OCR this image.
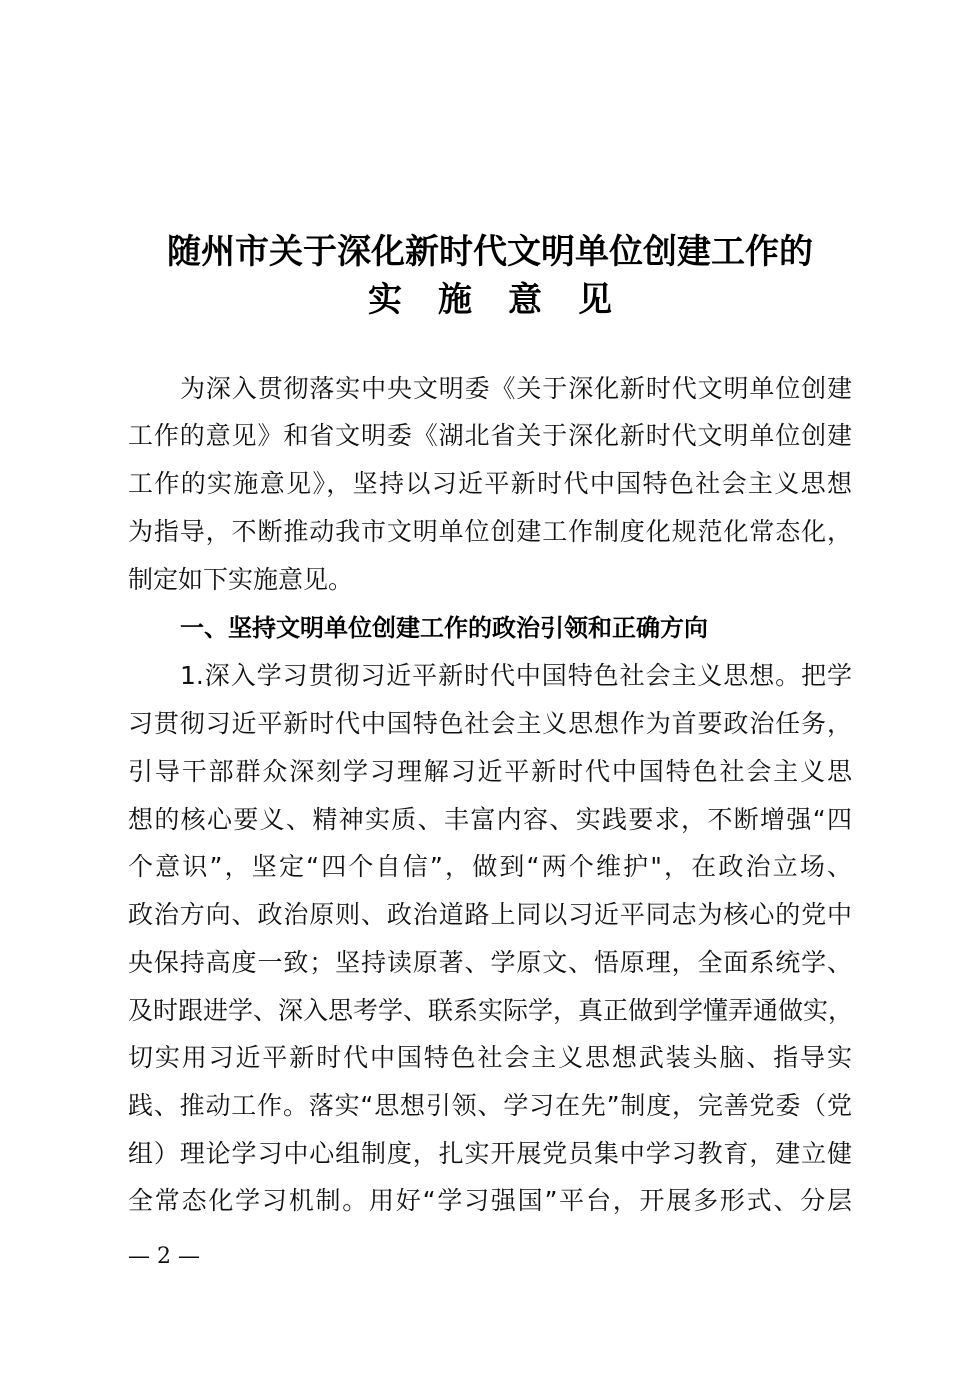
随州市关于深化新时代文明单位创建工作的
实 施 意 见
为深入贯彻落实中央文明委《关于深化新时代文明单位创建
工作的意见》和省文明委《湖北省关于深化新时代文明单位创建
工作的实施意见》，坚持以习近平新时代中国特色社会主义思想
为指导，不断推动我市文明单位创建工作制度化规范化常态化，
制定如下实施意见。
一、坚持文明单位创建工作的政治引领和正确方向
1.深入学习贯彻习近平新时代中国特色社会主义思想。把学
习贯彻习近平新时代中国特色社会主义思想作为首要政治任务，
引导干部群众深刻学习理解习近平新时代中国特色社会主义思
想的核心要义、精神实质、丰富内容、实践要求，不断增强“四
个意识”，坚定“四个自信”，做到“两个维护"，在政治立场、
政治方向、政治原则、政治道路上同以习近平同志为核心的党中
央保持高度一致；坚持读原著、学原文、悟原理，全面系统学、
及时跟进学、深入思考学、联系实际学，真正做到学懂弄通做实，
切实用习近平新时代中国特色社会主义思想武装头脑、指导实
践、推动工作。落实“思想引领、学习在先”制度，完善党委（党
组）理论学习中心组制度，扎实开展党员集中学习教育，建立健
全常态化学习机制。用好“学习强国”平台，开展多形式、分层
— 2 —
